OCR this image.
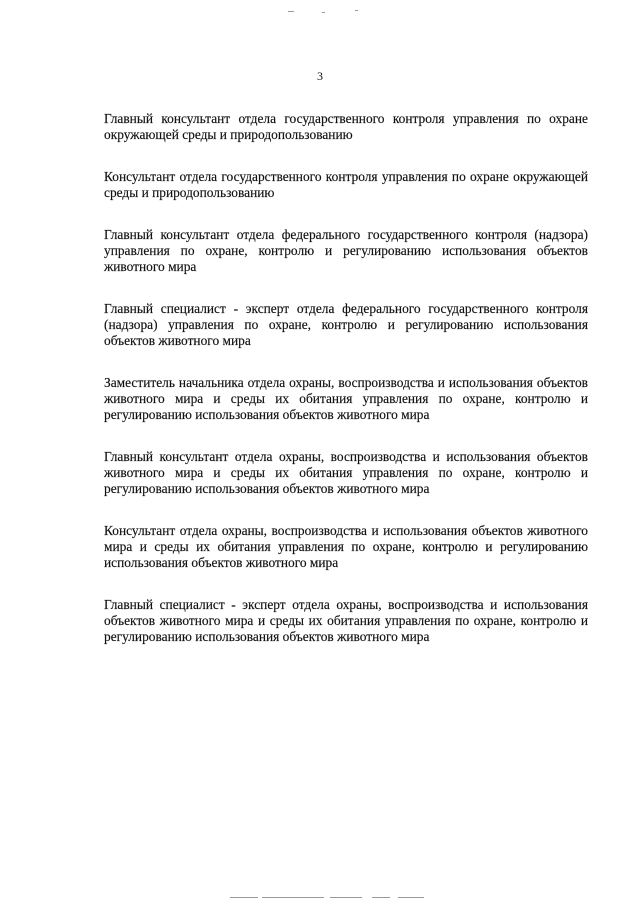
3

Главный консультант отдела государственного контроля управления по охране окружающей среды и природопользованию

Консультант отдела государственного контроля управления по охране окружающей среды и природопользованию

Главный консультант отдела федерального государственного контроля (надзора) управления по охране, контролю и регулированию использования объектов животного мира

Главный специалист - эксперт отдела федерального государственного контроля (надзора) управления по охране, контролю и регулированию использования объектов животного мира

Заместитель начальника отдела охраны, воспроизводства и использования объектов животного мира и среды их обитания управления по охране, контролю и регулированию использования объектов животного мира

Главный консультант отдела охраны, воспроизводства и использования объектов животного мира и среды их обитания управления по охране, контролю и регулированию использования объектов животного мира

Консультант отдела охраны, воспроизводства и использования объектов животного мира и среды их обитания управления по охране, контролю и регулированию использования объектов животного мира

Главный специалист - эксперт отдела охраны, воспроизводства и использования объектов животного мира и среды их обитания управления по охране, контролю и регулированию использования объектов животного мира
